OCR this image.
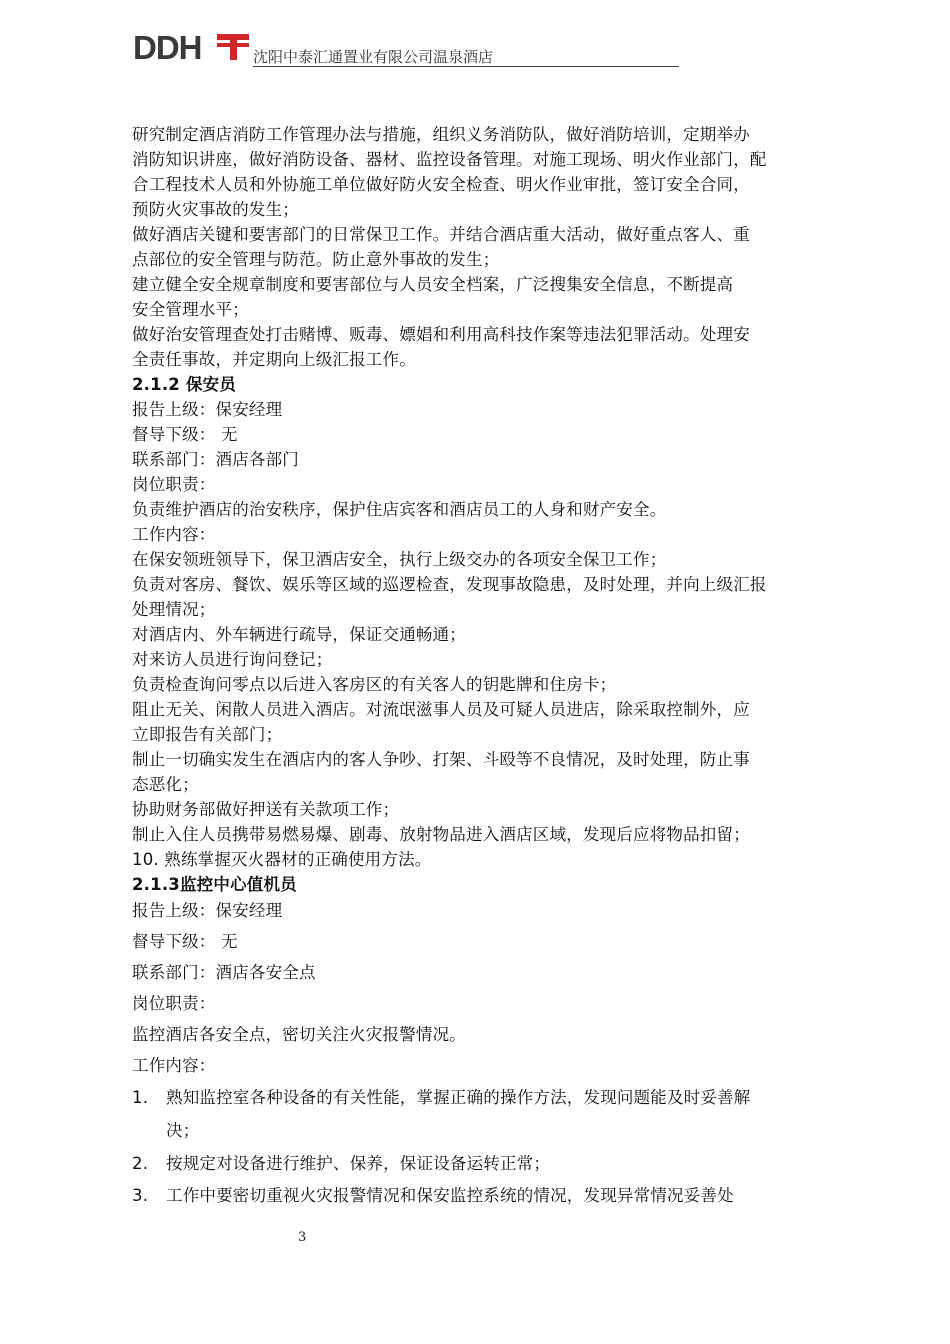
DDH	沈阳中泰汇通置业有限公司温泉酒店
研究制定酒店消防工作管理办法与措施，组织义务消防队，做好消防培训，定期举办
消防知识讲座，做好消防设备、器材、监控设备管理。对施工现场、明火作业部门，配
合工程技术人员和外协施工单位做好防火安全检查、明火作业审批，签订安全合同，
预防火灾事故的发生；
做好酒店关键和要害部门的日常保卫工作。并结合酒店重大活动，做好重点客人、重
点部位的安全管理与防范。防止意外事故的发生；
建立健全安全规章制度和要害部位与人员安全档案，广泛搜集安全信息，不断提高
安全管理水平；
做好治安管理查处打击赌博、贩毒、嫖娼和利用高科技作案等违法犯罪活动。处理安
全责任事故，并定期向上级汇报工作。
2.1.2 保安员
报告上级：保安经理
督导下级： 无
联系部门：酒店各部门
岗位职责：
负责维护酒店的治安秩序，保护住店宾客和酒店员工的人身和财产安全。
工作内容：
在保安领班领导下，保卫酒店安全，执行上级交办的各项安全保卫工作；
负责对客房、餐饮、娱乐等区域的巡逻检查，发现事故隐患，及时处理，并向上级汇报
处理情况；
对酒店内、外车辆进行疏导，保证交通畅通；
对来访人员进行询问登记；
负责检查询问零点以后进入客房区的有关客人的钥匙牌和住房卡；
阻止无关、闲散人员进入酒店。对流氓滋事人员及可疑人员进店，除采取控制外，应
立即报告有关部门；
制止一切确实发生在酒店内的客人争吵、打架、斗殴等不良情况，及时处理，防止事
态恶化；
协助财务部做好押送有关款项工作；
制止入住人员携带易燃易爆、剧毒、放射物品进入酒店区域，发现后应将物品扣留；
10. 熟练掌握灭火器材的正确使用方法。
2.1.3监控中心值机员
报告上级：保安经理
督导下级： 无
联系部门：酒店各安全点
岗位职责：
监控酒店各安全点，密切关注火灾报警情况。
工作内容：
1. 熟知监控室各种设备的有关性能，掌握正确的操作方法，发现问题能及时妥善解
决；
2. 按规定对设备进行维护、保养，保证设备运转正常；
3. 工作中要密切重视火灾报警情况和保安监控系统的情况，发现异常情况妥善处
3
